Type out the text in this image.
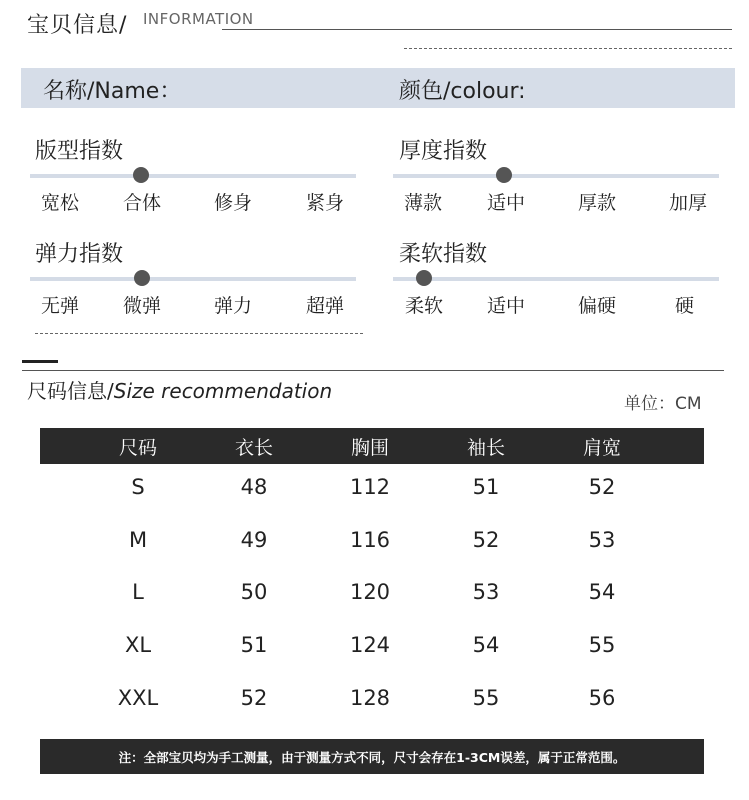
宝贝信息/ INFORMATION
名称/Name：	颜色/colour:
版型指数
宽松 合体	修身	紧身
厚度指数
薄款 适中	厚款	加厚
弹力指数
无弹 微弹	弹力	超弹
柔软指数
柔软 适中	偏硬	硬
尺码信息/Size recommendation
单位：CM
尺码	衣长	胸围	袖长	肩宽
S	48	112	51	52
M	49	116	52	53
L	50	120	53	54
XL	51	124	54	55
XXL	52	128	55	56
注：全部宝贝均为手工测量，由于测量方式不同，尺寸会存在1-3CM误差，属于正常范围。
